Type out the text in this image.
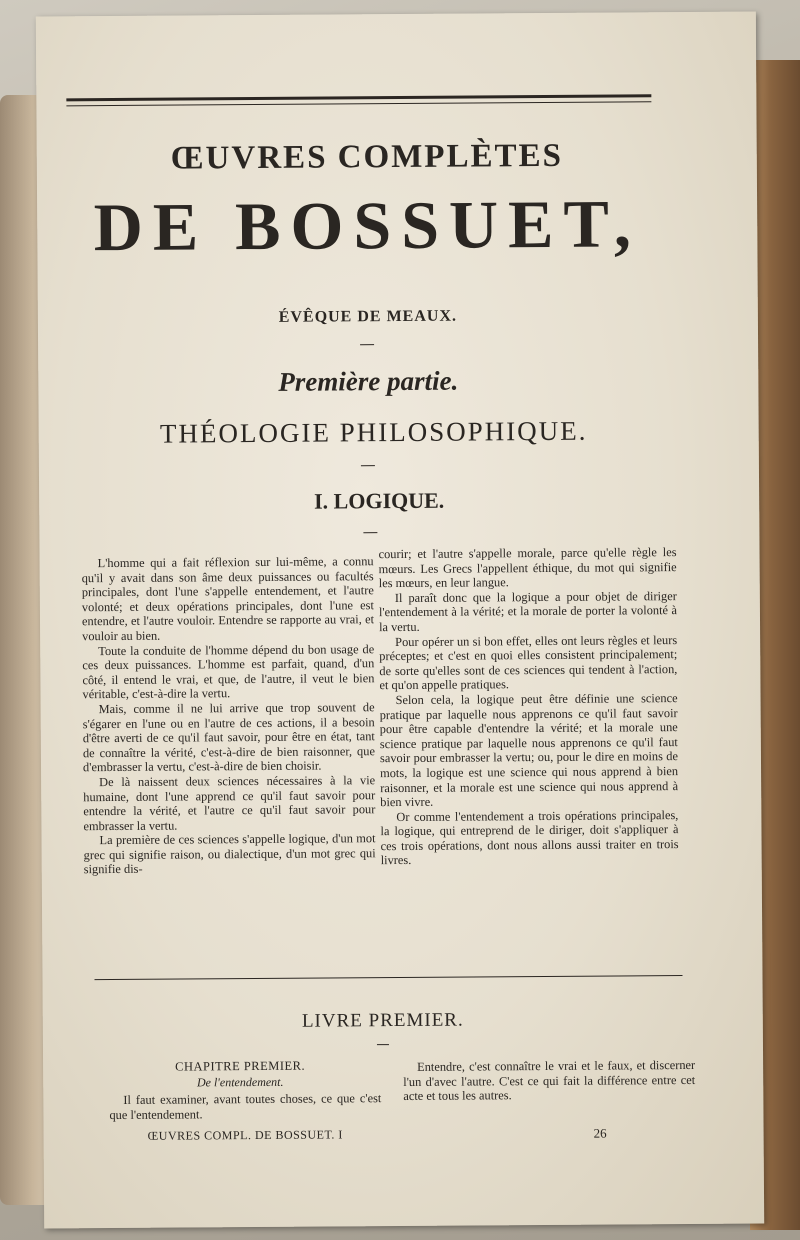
ŒUVRES COMPLÈTES
DE BOSSUET,
ÉVÊQUE DE MEAUX.
Première partie.
THÉOLOGIE PHILOSOPHIQUE.
I. LOGIQUE.

L'homme qui a fait réflexion sur lui-même, a connu qu'il y avait dans son âme deux puissances ou facultés principales, dont l'une s'appelle entendement, et l'autre volonté; et deux opérations principales, dont l'une est entendre, et l'autre vouloir. Entendre se rapporte au vrai, et vouloir au bien.

Toute la conduite de l'homme dépend du bon usage de ces deux puissances. L'homme est parfait, quand, d'un côté, il entend le vrai, et que, de l'autre, il veut le bien véritable, c'est-à-dire la vertu.

Mais, comme il ne lui arrive que trop souvent de s'égarer en l'une ou en l'autre de ces actions, il a besoin d'être averti de ce qu'il faut savoir, pour être en état, tant de connaître la vérité, c'est-à-dire de bien raisonner, que d'embrasser la vertu, c'est-à-dire de bien choisir.

De là naissent deux sciences nécessaires à la vie humaine, dont l'une apprend ce qu'il faut savoir pour entendre la vérité, et l'autre ce qu'il faut savoir pour embrasser la vertu.

La première de ces sciences s'appelle logique, d'un mot grec qui signifie raison, ou dialectique, d'un mot grec qui signifie dis-

courir; et l'autre s'appelle morale, parce qu'elle règle les mœurs. Les Grecs l'appellent éthique, du mot qui signifie les mœurs, en leur langue.

Il paraît donc que la logique a pour objet de diriger l'entendement à la vérité; et la morale de porter la volonté à la vertu.

Pour opérer un si bon effet, elles ont leurs règles et leurs préceptes; et c'est en quoi elles consistent principalement; de sorte qu'elles sont de ces sciences qui tendent à l'action, et qu'on appelle pratiques.

Selon cela, la logique peut être définie une science pratique par laquelle nous apprenons ce qu'il faut savoir pour être capable d'entendre la vérité; et la morale une science pratique par laquelle nous apprenons ce qu'il faut savoir pour embrasser la vertu; ou, pour le dire en moins de mots, la logique est une science qui nous apprend à bien raisonner, et la morale est une science qui nous apprend à bien vivre.

Or comme l'entendement a trois opérations principales, la logique, qui entreprend de le diriger, doit s'appliquer à ces trois opérations, dont nous allons aussi traiter en trois livres.

LIVRE PREMIER.
CHAPITRE PREMIER.
De l'entendement.
Il faut examiner, avant toutes choses, ce que c'est que l'entendement.
Entendre, c'est connaître le vrai et le faux, et discerner l'un d'avec l'autre. C'est ce qui fait la différence entre cet acte et tous les autres.
ŒUVRES COMPL. DE BOSSUET. I	26
